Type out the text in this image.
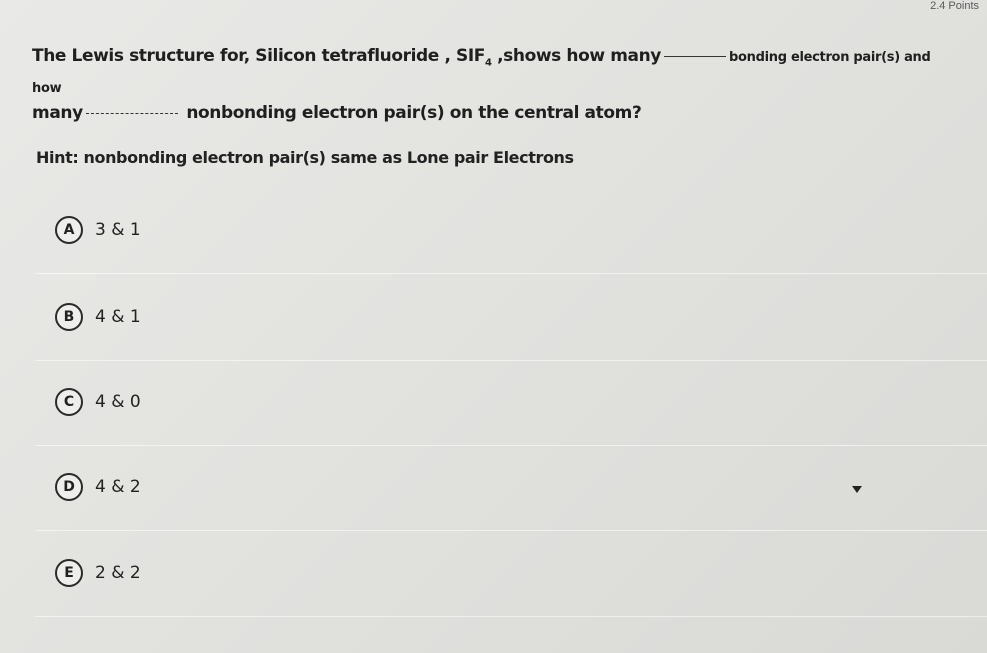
2.4 Points
The Lewis structure for, Silicon tetrafluoride , $SIF_4$ ,shows how many	bonding electron pair(s) and how
many	nonbonding electron pair(s) on the central atom?
Hint: nonbonding electron pair(s) same as Lone pair Electrons
A	3 & 1
B	4 & 1
C	4 & 0
D	4 & 2
E	2 & 2
